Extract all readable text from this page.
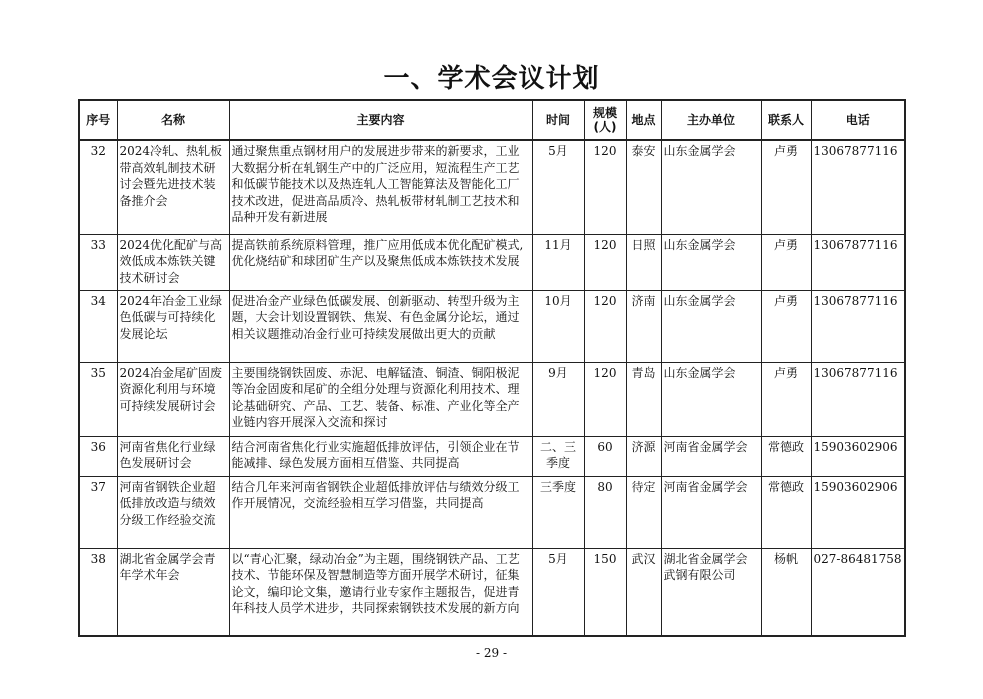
一、学术会议计划
序号	名称	主要内容	时间	规模(人)	地点	主办单位	联系人	电话
32	2024冷轧、热轧板带高效轧制技术研讨会暨先进技术装备推介会	通过聚焦重点钢材用户的发展进步带来的新要求，工业大数据分析在轧钢生产中的广泛应用，短流程生产工艺和低碳节能技术以及热连轧人工智能算法及智能化工厂技术改进，促进高品质冷、热轧板带材轧制工艺技术和品种开发有新进展	5月	120	泰安	山东金属学会	卢勇	13067877116
33	2024优化配矿与高效低成本炼铁关键技术研讨会	提高铁前系统原料管理，推广应用低成本优化配矿模式,优化烧结矿和球团矿生产以及聚焦低成本炼铁技术发展	11月	120	日照	山东金属学会	卢勇	13067877116
34	2024年冶金工业绿色低碳与可持续化发展论坛	促进冶金产业绿色低碳发展、创新驱动、转型升级为主题，大会计划设置钢铁、焦炭、有色金属分论坛，通过相关议题推动冶金行业可持续发展做出更大的贡献	10月	120	济南	山东金属学会	卢勇	13067877116
35	2024冶金尾矿固废资源化利用与环境可持续发展研讨会	主要围绕钢铁固废、赤泥、电解锰渣、铜渣、铜阳极泥等冶金固废和尾矿的全组分处理与资源化利用技术、理论基础研究、产品、工艺、装备、标准、产业化等全产业链内容开展深入交流和探讨	9月	120	青岛	山东金属学会	卢勇	13067877116
36	河南省焦化行业绿色发展研讨会	结合河南省焦化行业实施超低排放评估，引领企业在节能减排、绿色发展方面相互借鉴、共同提高	二、三季度	60	济源	河南省金属学会	常德政	15903602906
37	河南省钢铁企业超低排放改造与绩效分级工作经验交流	结合几年来河南省钢铁企业超低排放评估与绩效分级工作开展情况，交流经验相互学习借鉴，共同提高	三季度	80	待定	河南省金属学会	常德政	15903602906
38	湖北省金属学会青年学术年会	以“青心汇聚，绿动冶金”为主题，围绕钢铁产品、工艺技术、节能环保及智慧制造等方面开展学术研讨，征集论文，编印论文集，邀请行业专家作主题报告，促进青年科技人员学术进步，共同探索钢铁技术发展的新方向	5月	150	武汉	湖北省金属学会武钢有限公司	杨帆	027-86481758
- 29 -
